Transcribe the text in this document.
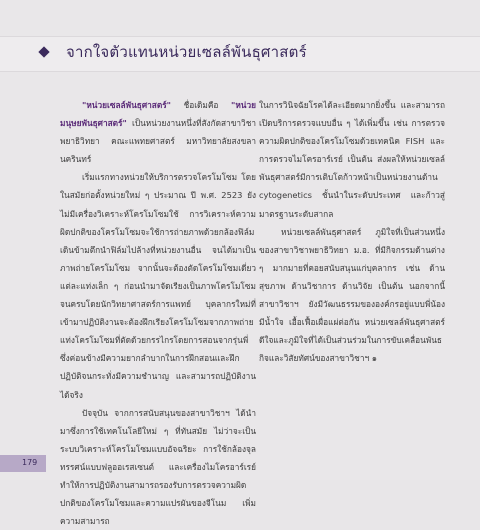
จากใจตัวแทนหน่วยเซลล์พันธุศาสตร์

"หน่วยเซลล์พันธุศาสตร์" ชื่อเดิมคือ "หน่วยมนุษยพันธุศาสตร์" เป็นหน่วยงานหนึ่งที่สังกัดสาขาวิชาพยาธิวิทยา คณะแพทยศาสตร์ มหาวิทยาลัยสงขลานครินทร์

เริ่มแรกทางหน่วยให้บริการตรวจโครโมโซม โดยในสมัยก่อตั้งหน่วยใหม่ ๆ ประมาณ ปี พ.ศ. 2523 ยังไม่มีเครื่องวิเคราะห์โครโมโซมใช้ การวิเคราะห์ความผิดปกติของโครโมโซมจะใช้การถ่ายภาพด้วยกล้องฟิล์ม เดินข้ามตึกนำฟิล์มไปล้างที่หน่วยงานอื่น จนได้มาเป็นภาพถ่ายโครโมโซม จากนั้นจะต้องตัดโครโมโซมเดี่ยวแต่ละแท่งเล็ก ๆ ก่อนนำมาจัดเรียงเป็นภาพโครโมโซมจนครบโดยนักวิทยาศาสตร์การแพทย์ บุคลากรใหม่ที่เข้ามาปฏิบัติงานจะต้องฝึกเรียงโครโมโซมจากภาพถ่ายแท่งโครโมโซมที่ตัดด้วยกรรไกรโดยการสอนจากรุ่นพี่ ซึ่งค่อนข้างมีความยากลำบากในการฝึกสอนและฝึกปฏิบัติจนกระทั่งมีความชำนาญ และสามารถปฏิบัติงานได้จริง

ปัจจุบัน จากการสนับสนุนของสาขาวิชาฯ ได้นำมาซึ่งการใช้เทคโนโลยีใหม่ ๆ ที่ทันสมัย ไม่ว่าจะเป็นระบบวิเคราะห์โครโมโซมแบบอัจฉริยะ การใช้กล้องจุลทรรศน์แบบฟลูออเรสเซนต์ และเครื่องไมโครอาร์เรย์ ทำให้การปฏิบัติงานสามารถรองรับการตรวจความผิดปกติของโครโมโซมและความแปรผันของจีโนม เพิ่มความสามารถ

ในการวินิจฉัยโรคได้ละเอียดมากยิ่งขึ้น และสามารถเปิดบริการตรวจแบบอื่น ๆ ได้เพิ่มขึ้น เช่น การตรวจความผิดปกติของโครโมโซมด้วยเทคนิค FISH และการตรวจไมโครอาร์เรย์ เป็นต้น ส่งผลให้หน่วยเซลล์พันธุศาสตร์มีการเติบโตก้าวหน้าเป็นหน่วยงานด้าน cytogenetics ชั้นนำในระดับประเทศ และก้าวสู่มาตรฐานระดับสากล

หน่วยเซลล์พันธุศาสตร์ ภูมิใจที่เป็นส่วนหนึ่งของสาขาวิชาพยาธิวิทยา ม.อ. ที่มีกิจกรรมด้านต่าง ๆ มากมายที่คอยสนับสนุนแก่บุคลากร เช่น ด้านสุขภาพ ด้านวิชาการ ด้านวิจัย เป็นต้น นอกจากนี้สาขาวิชาฯ ยังมีวัฒนธรรมขององค์กรอยู่แบบพี่น้อง มีน้ำใจ เอื้อเฟื้อเผื่อแผ่ต่อกัน หน่วยเซลล์พันธุศาสตร์ดีใจและภูมิใจที่ได้เป็นส่วนร่วมในการขับเคลื่อนพันธกิจและวิสัยทัศน์ของสาขาวิชาฯ ๑

179
